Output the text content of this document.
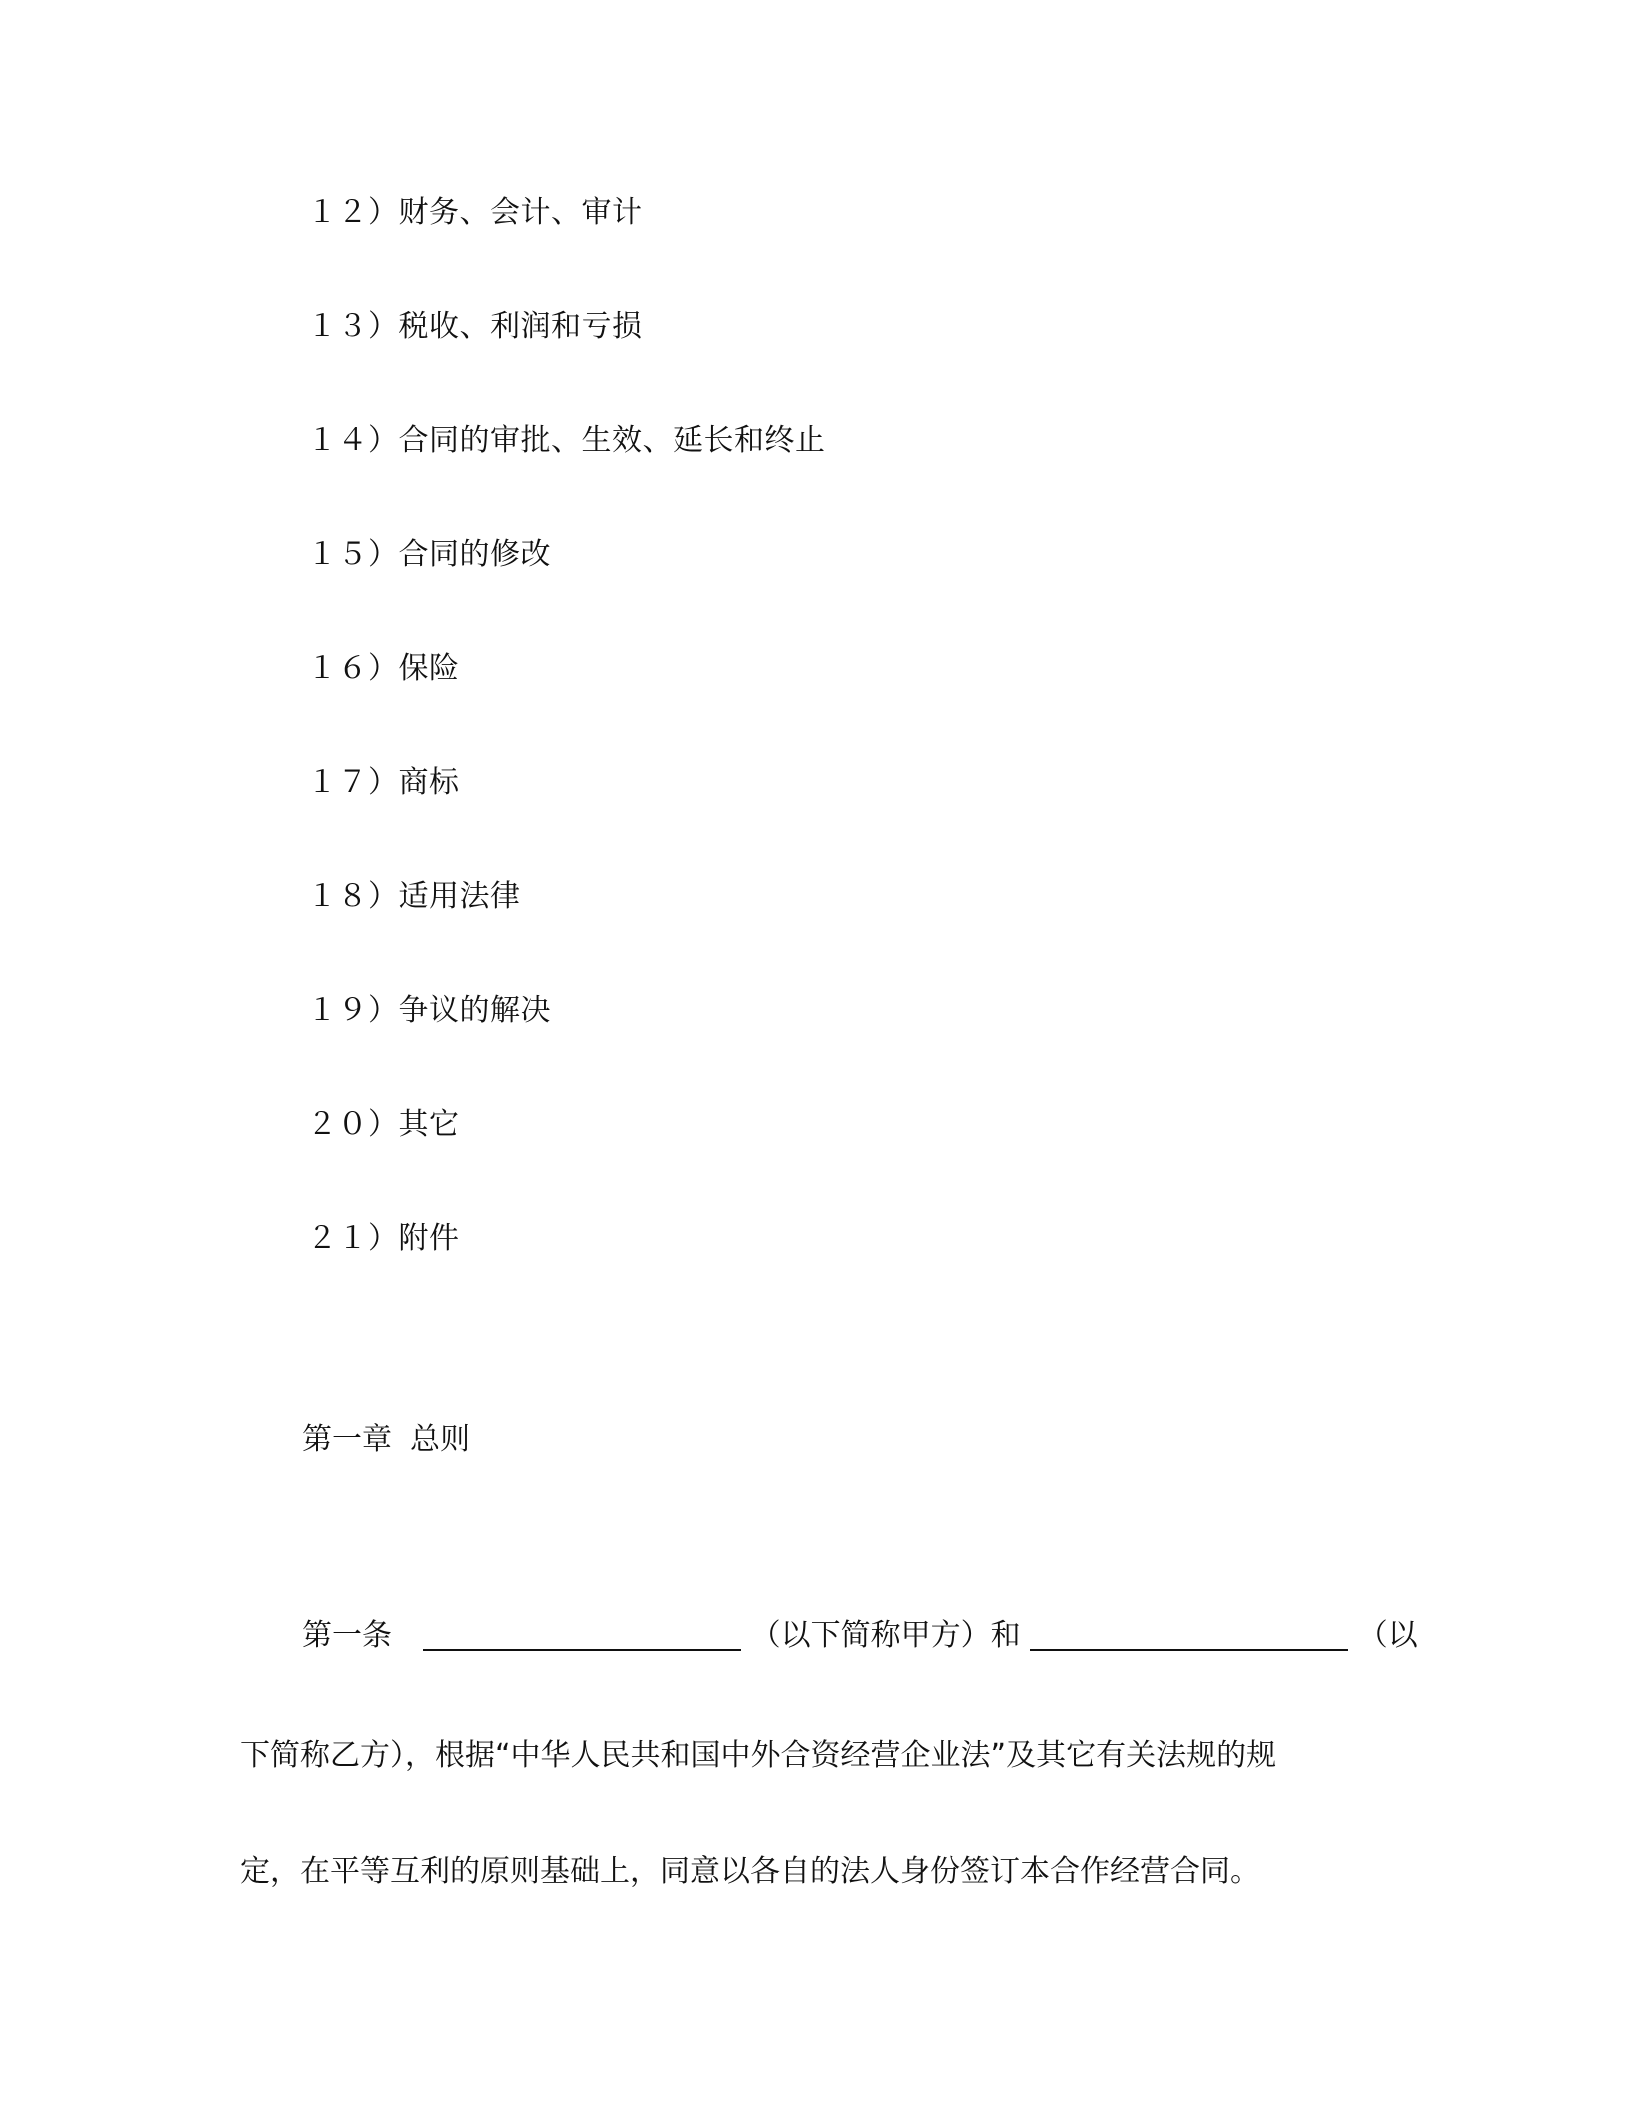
１２）财务、会计、审计
１３）税收、利润和亏损
１４）合同的审批、生效、延长和终止
１５）合同的修改
１６）保险
１７）商标
１８）适用法律
１９）争议的解决
２０）其它
２１）附件
第一章 总则
第一条	（以下简称甲方）和	（以
下简称乙方），根据“中华人民共和国中外合资经营企业法”及其它有关法规的规
定，在平等互利的原则基础上，同意以各自的法人身份签订本合作经营合同。
